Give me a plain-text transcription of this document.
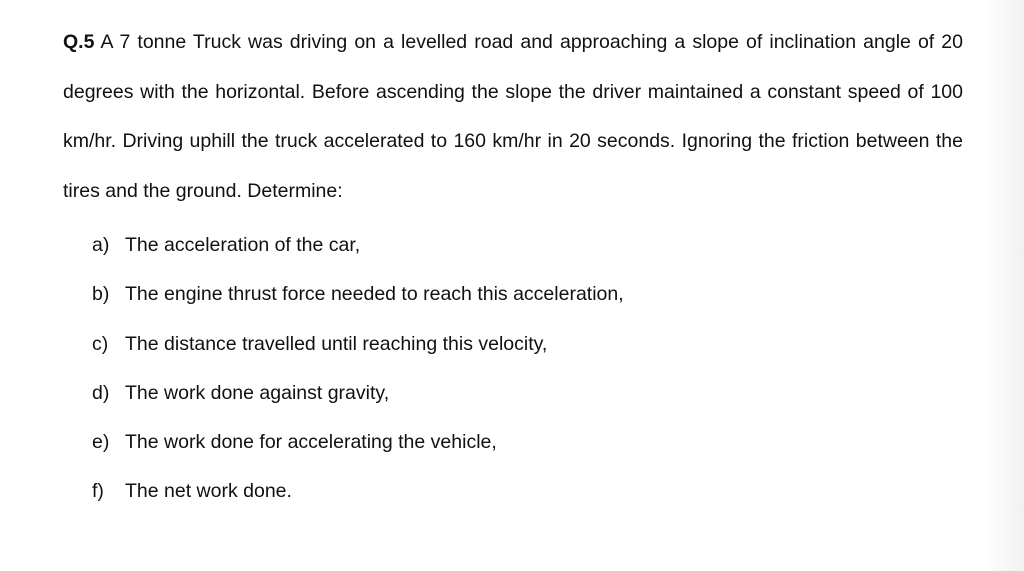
Q.5 A 7 tonne Truck was driving on a levelled road and approaching a slope of inclination angle of 20 degrees with the horizontal. Before ascending the slope the driver maintained a constant speed of 100 km/hr. Driving uphill the truck accelerated to 160 km/hr in 20 seconds. Ignoring the friction between the tires and the ground. Determine:

a) The acceleration of the car,
b) The engine thrust force needed to reach this acceleration,
c) The distance travelled until reaching this velocity,
d) The work done against gravity,
e) The work done for accelerating the vehicle,
f) The net work done.
